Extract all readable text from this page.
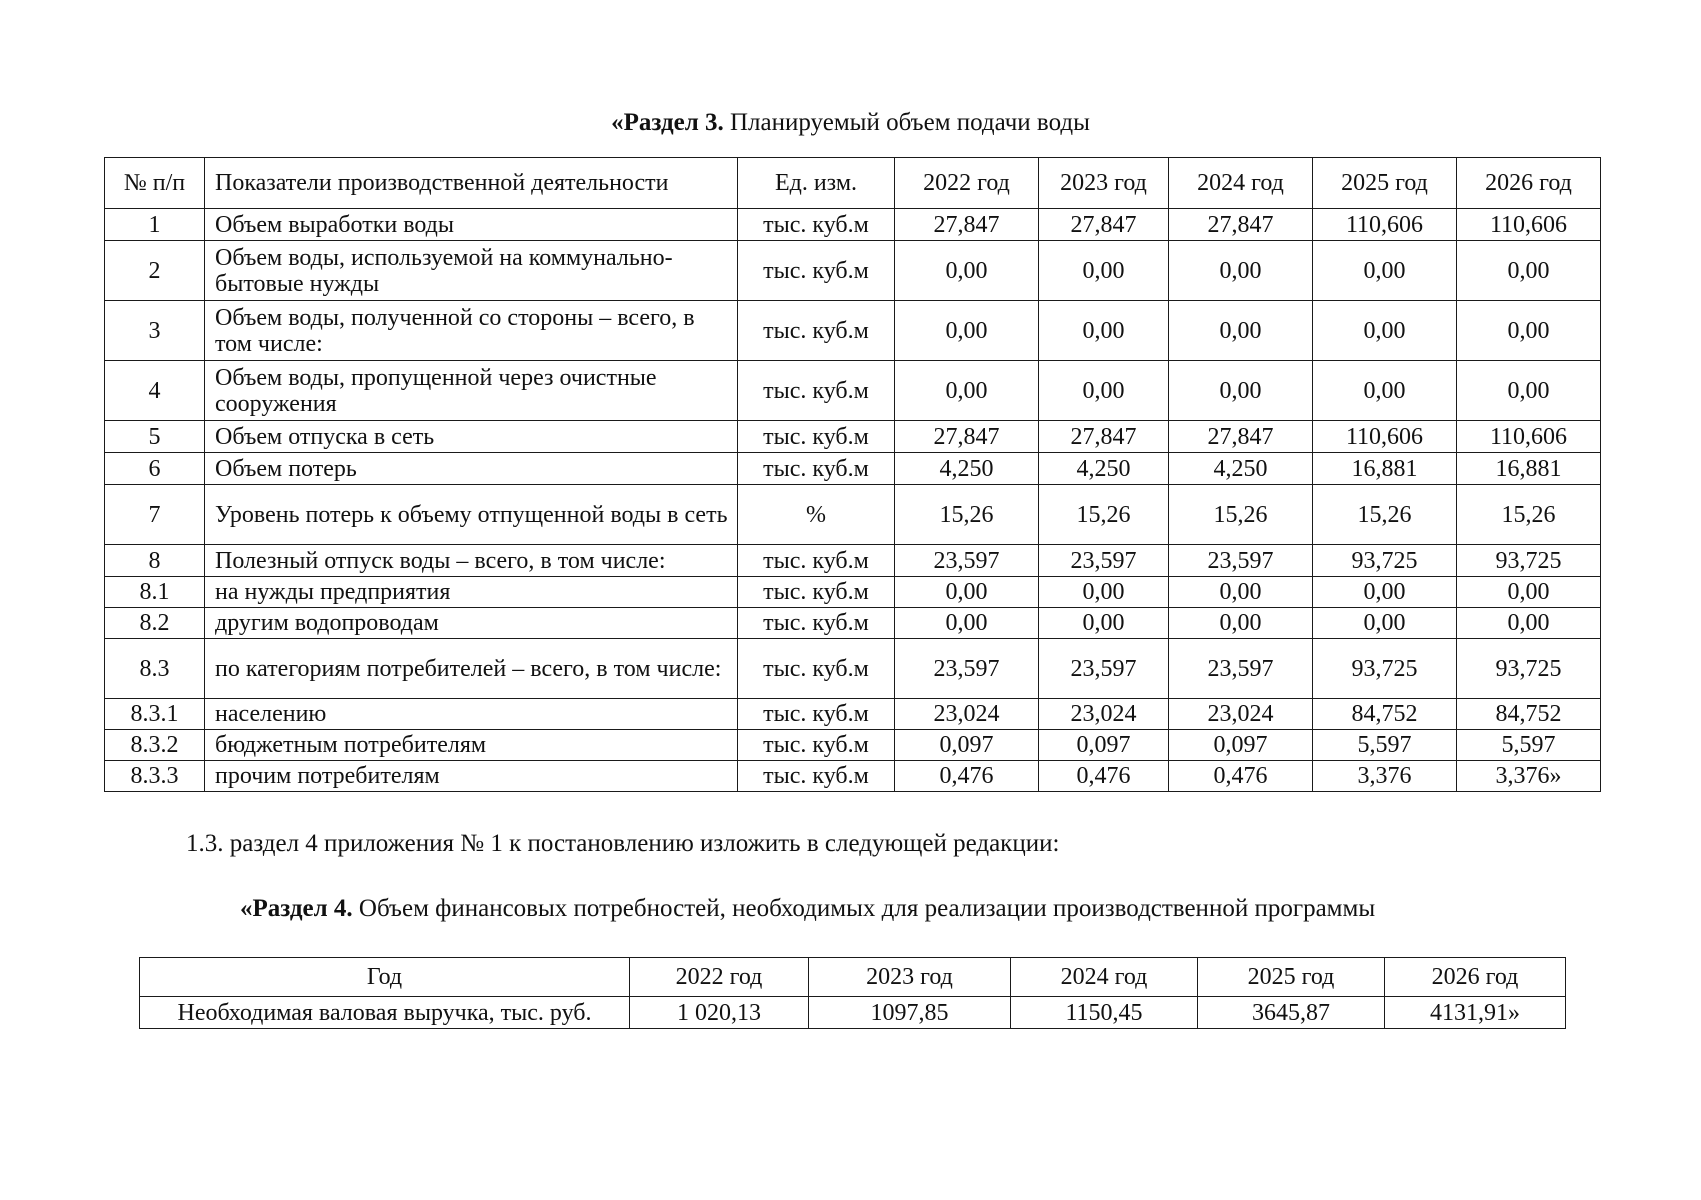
«Раздел 3. Планируемый объем подачи воды
№ п/п	Показатели производственной деятельности	Ед. изм.	2022 год	2023 год	2024 год	2025 год	2026 год
1	Объем выработки воды	тыс. куб.м	27,847	27,847	27,847	110,606	110,606
2	Объем воды, используемой на коммунально-бытовые нужды	тыс. куб.м	0,00	0,00	0,00	0,00	0,00
3	Объем воды, полученной со стороны – всего, в том числе:	тыс. куб.м	0,00	0,00	0,00	0,00	0,00
4	Объем воды, пропущенной через очистные сооружения	тыс. куб.м	0,00	0,00	0,00	0,00	0,00
5	Объем отпуска в сеть	тыс. куб.м	27,847	27,847	27,847	110,606	110,606
6	Объем потерь	тыс. куб.м	4,250	4,250	4,250	16,881	16,881
7	Уровень потерь к объему отпущенной воды в сеть	%	15,26	15,26	15,26	15,26	15,26
8	Полезный отпуск воды – всего, в том числе:	тыс. куб.м	23,597	23,597	23,597	93,725	93,725
8.1	на нужды предприятия	тыс. куб.м	0,00	0,00	0,00	0,00	0,00
8.2	другим водопроводам	тыс. куб.м	0,00	0,00	0,00	0,00	0,00
8.3	по категориям потребителей – всего, в том числе:	тыс. куб.м	23,597	23,597	23,597	93,725	93,725
8.3.1	населению	тыс. куб.м	23,024	23,024	23,024	84,752	84,752
8.3.2	бюджетным потребителям	тыс. куб.м	0,097	0,097	0,097	5,597	5,597
8.3.3	прочим потребителям	тыс. куб.м	0,476	0,476	0,476	3,376	3,376»

1.3. раздел 4 приложения № 1 к постановлению изложить в следующей редакции:

«Раздел 4. Объем финансовых потребностей, необходимых для реализации производственной программы
Год	2022 год	2023 год	2024 год	2025 год	2026 год
Необходимая валовая выручка, тыс. руб.	1 020,13	1097,85	1150,45	3645,87	4131,91»
